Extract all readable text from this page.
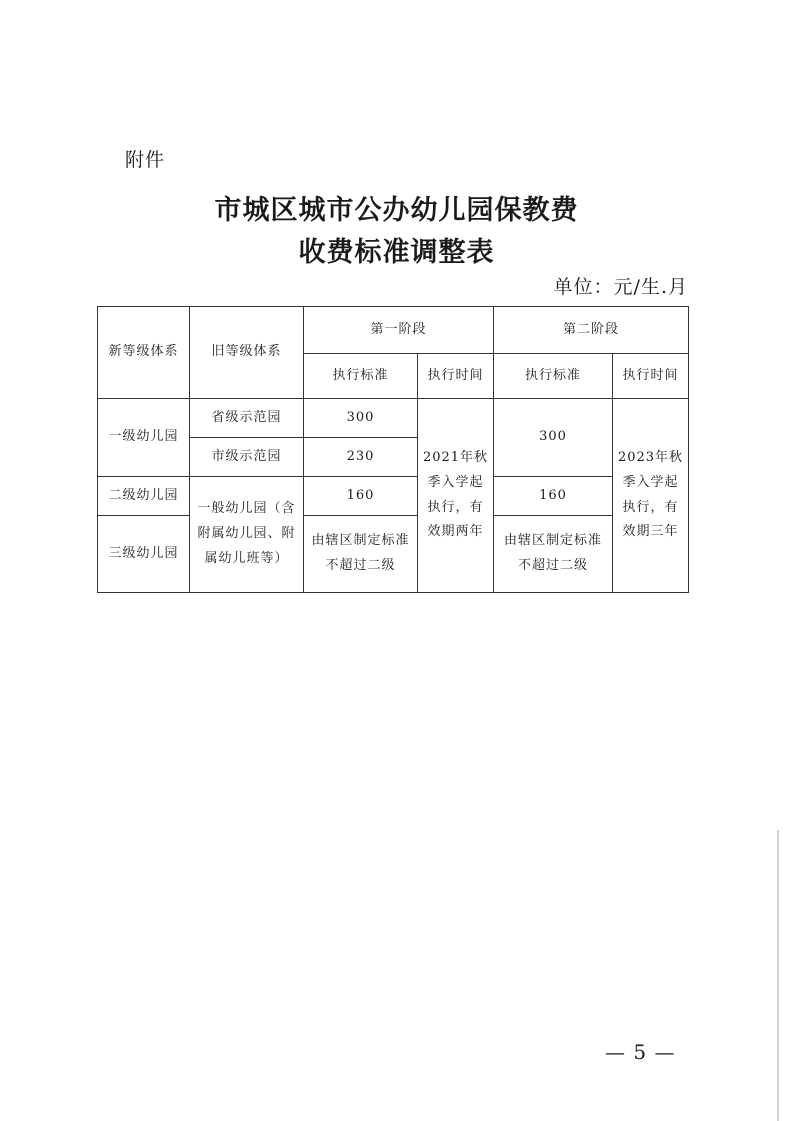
附件
市城区城市公办幼儿园保教费
收费标准调整表
单位：元/生.月
新等级体系	旧等级体系	第一阶段		第二阶段	
		执行标准	执行时间	执行标准	执行时间
一级幼儿园	省级示范园	300	2021年秋季入学起执行，有效期两年	300	2023年秋季入学起执行，有效期三年
	市级示范园	230			
二级幼儿园	一般幼儿园（含附属幼儿园、附属幼儿班等）	160		160	
三级幼儿园		由辖区制定标准不超过二级		由辖区制定标准不超过二级	
— 5 —
